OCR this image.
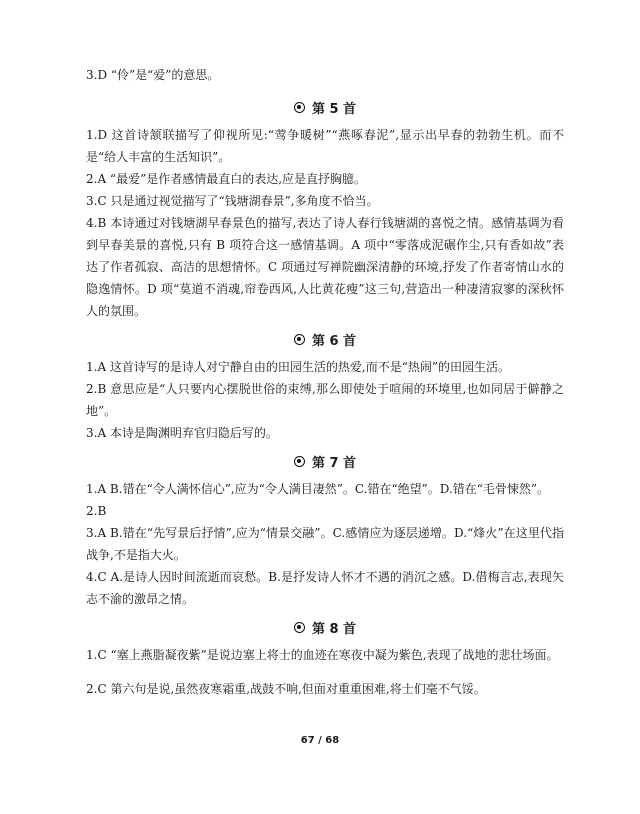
3.D “伶”是“爱”的意思。

第 5 首

1.D 这首诗颔联描写了仰视所见:“莺争暖树”“燕啄春泥”,显示出早春的勃勃生机。而不是“给人丰富的生活知识”。

2.A “最爱”是作者感情最直白的表达,应是直抒胸臆。

3.C 只是通过视觉描写了“钱塘湖春景”,多角度不恰当。

4.B 本诗通过对钱塘湖早春景色的描写,表达了诗人春行钱塘湖的喜悦之情。感情基调为看到早春美景的喜悦,只有 B 项符合这一感情基调。A 项中“零落成泥碾作尘,只有香如故”表达了作者孤寂、高洁的思想情怀。C 项通过写禅院幽深清静的环境,抒发了作者寄情山水的隐逸情怀。D 项“莫道不消魂,帘卷西风,人比黄花瘦”这三句,营造出一种凄清寂寥的深秋怀人的氛围。

第 6 首

1.A 这首诗写的是诗人对宁静自由的田园生活的热爱,而不是“热闹”的田园生活。

2.B 意思应是“人只要内心摆脱世俗的束缚,那么即使处于喧闹的环境里,也如同居于僻静之地”。

3.A 本诗是陶渊明弃官归隐后写的。

第 7 首

1.A B.错在“令人满怀信心”,应为“令人满目凄然”。C.错在“绝望”。D.错在“毛骨悚然”。

2.B

3.A B.错在“先写景后抒情”,应为“情景交融”。C.感情应为逐层递增。D.“烽火”在这里代指战争,不是指大火。

4.C A.是诗人因时间流逝而哀愁。B.是抒发诗人怀才不遇的消沉之感。D.借梅言志,表现矢志不渝的激昂之情。

第 8 首

1.C “塞上燕脂凝夜紫”是说边塞上将士的血迹在寒夜中凝为紫色,表现了战地的悲壮场面。

2.C 第六句是说,虽然夜寒霜重,战鼓不响,但面对重重困难,将士们毫不气馁。

67 / 68
